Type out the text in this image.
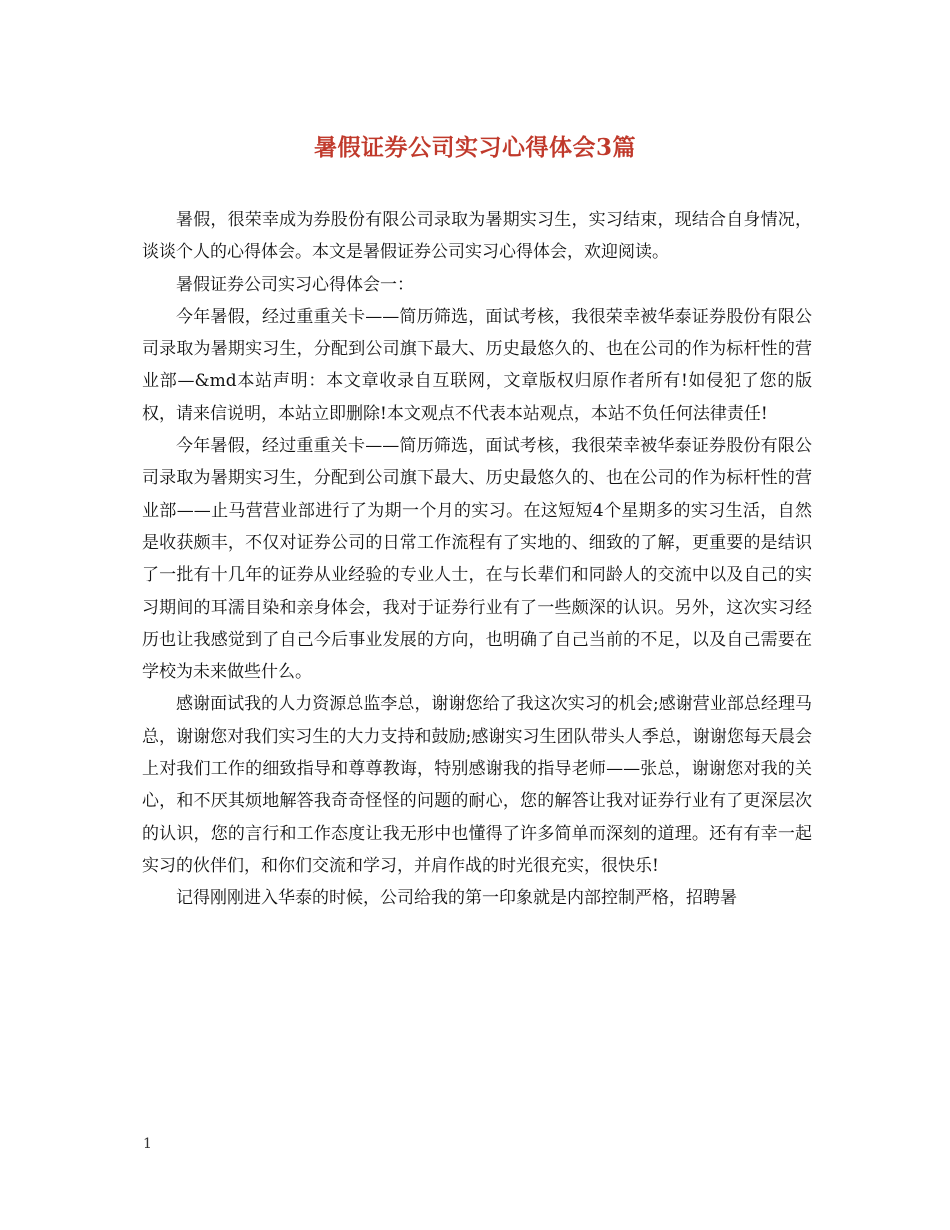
暑假证券公司实习心得体会3篇

暑假，很荣幸成为券股份有限公司录取为暑期实习生，实习结束，现结合自身情况，谈谈个人的心得体会。本文是暑假证券公司实习心得体会，欢迎阅读。

暑假证券公司实习心得体会一：

今年暑假，经过重重关卡——简历筛选，面试考核，我很荣幸被华泰证券股份有限公司录取为暑期实习生，分配到公司旗下最大、历史最悠久的、也在公司的作为标杆性的营业部—&md本站声明：本文章收录自互联网，文章版权归原作者所有!如侵犯了您的版权，请来信说明，本站立即删除!本文观点不代表本站观点，本站不负任何法律责任!

今年暑假，经过重重关卡——简历筛选，面试考核，我很荣幸被华泰证券股份有限公司录取为暑期实习生，分配到公司旗下最大、历史最悠久的、也在公司的作为标杆性的营业部——止马营营业部进行了为期一个月的实习。在这短短4个星期多的实习生活，自然是收获颇丰，不仅对证券公司的日常工作流程有了实地的、细致的了解，更重要的是结识了一批有十几年的证券从业经验的专业人士，在与长辈们和同龄人的交流中以及自己的实习期间的耳濡目染和亲身体会，我对于证券行业有了一些颇深的认识。另外，这次实习经历也让我感觉到了自己今后事业发展的方向，也明确了自己当前的不足，以及自己需要在学校为未来做些什么。

感谢面试我的人力资源总监李总，谢谢您给了我这次实习的机会;感谢营业部总经理马总，谢谢您对我们实习生的大力支持和鼓励;感谢实习生团队带头人季总，谢谢您每天晨会上对我们工作的细致指导和尊尊教诲，特别感谢我的指导老师——张总，谢谢您对我的关心，和不厌其烦地解答我奇奇怪怪的问题的耐心，您的解答让我对证券行业有了更深层次的认识，您的言行和工作态度让我无形中也懂得了许多简单而深刻的道理。还有有幸一起实习的伙伴们，和你们交流和学习，并肩作战的时光很充实，很快乐!

记得刚刚进入华泰的时候，公司给我的第一印象就是内部控制严格，招聘暑

1
